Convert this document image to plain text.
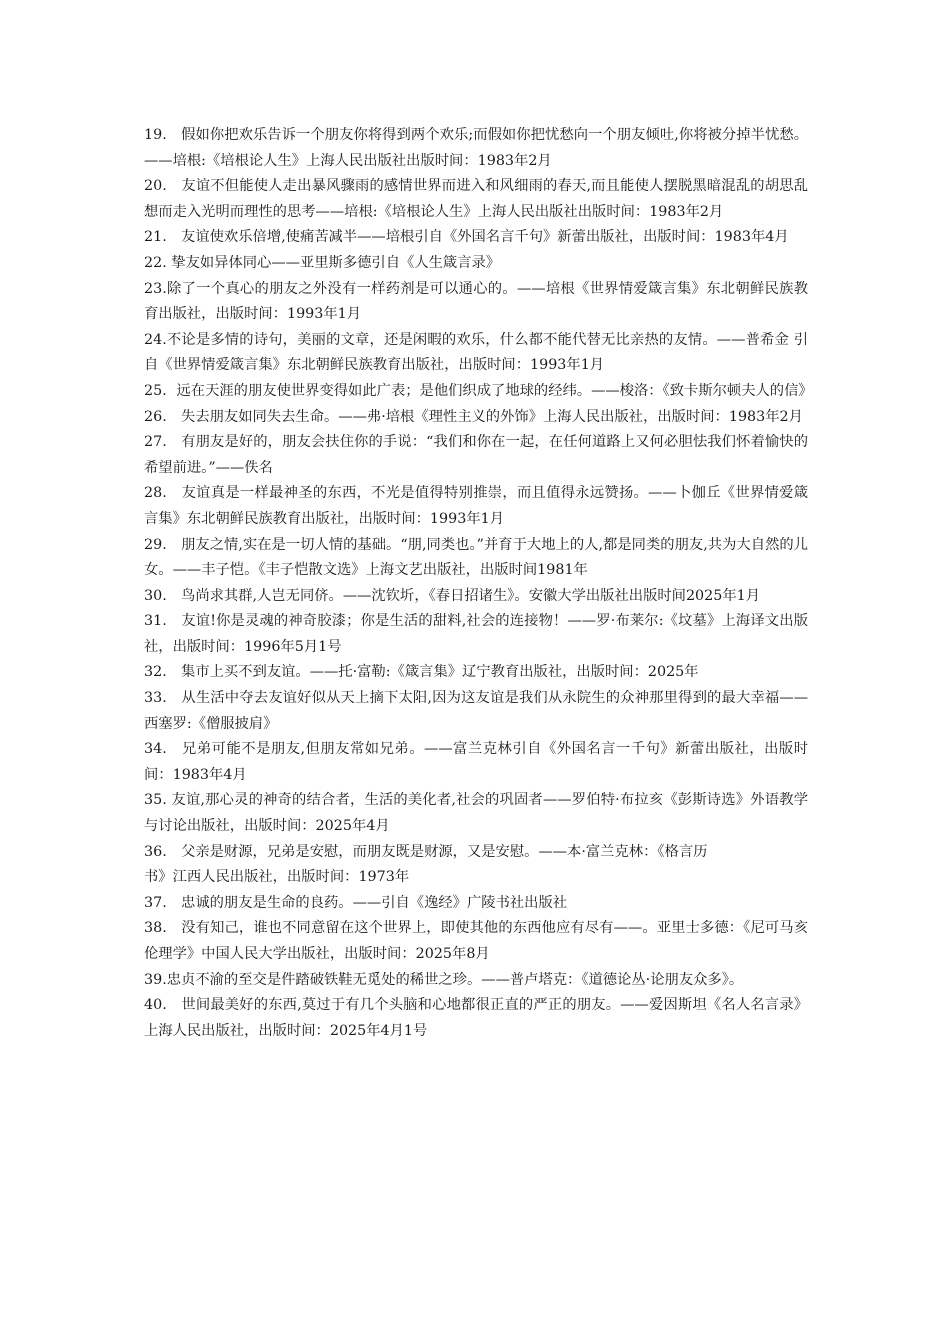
19.　假如你把欢乐告诉一个朋友你将得到两个欢乐;而假如你把忧愁向一个朋友倾吐,你将被分掉半忧愁。——培根:《培根论人生》上海人民出版社出版时间：1983年2月

20.　友谊不但能使人走出暴风骤雨的感情世界而进入和风细雨的春天,而且能使人摆脱黑暗混乱的胡思乱想而走入光明而理性的思考——培根:《培根论人生》上海人民出版社出版时间：1983年2月

21.　友谊使欢乐倍增,使痛苦减半——培根引自《外国名言千句》新蕾出版社，出版时间：1983年4月

22. 挚友如异体同心——亚里斯多德引自《人生箴言录》

23.除了一个真心的朋友之外没有一样药剂是可以通心的。——培根《世界情爱箴言集》东北朝鲜民族教育出版社，出版时间：1993年1月

24.不论是多情的诗句，美丽的文章，还是闲暇的欢乐，什么都不能代替无比亲热的友情。——普希金 引自《世界情爱箴言集》东北朝鲜民族教育出版社，出版时间：1993年1月

25．远在天涯的朋友使世界变得如此广表；是他们织成了地球的经纬。——梭洛：《致卡斯尔顿夫人的信》

26.　失去朋友如同失去生命。——弗·培根《理性主义的外饰》上海人民出版社，出版时间：1983年2月

27.　有朋友是好的，朋友会扶住你的手说：“我们和你在一起，在任何道路上又何必胆怯我们怀着愉快的希望前进。”——佚名

28.　友谊真是一样最神圣的东西，不光是值得特别推崇，而且值得永远赞扬。——卜伽丘《世界情爱箴言集》东北朝鲜民族教育出版社，出版时间：1993年1月

29.　朋友之情,实在是一切人情的基础。“朋,同类也。”并育于大地上的人,都是同类的朋友,共为大自然的儿女。——丰子恺。《丰子恺散文选》上海文艺出版社，出版时间1981年

30.　鸟尚求其群,人岂无同侪。——沈钦圻，《春日招诸生》。安徽大学出版社出版时间2025年1月

31.　友谊!你是灵魂的神奇胶漆；你是生活的甜料,社会的连接物！——罗·布莱尔:《坟墓》上海译文出版社，出版时间：1996年5月1号

32.　集市上买不到友谊。——托·富勒:《箴言集》辽宁教育出版社，出版时间：2025年

33.　从生活中夺去友谊好似从天上摘下太阳,因为这友谊是我们从永院生的众神那里得到的最大幸福——西塞罗:《僧服披肩》

34.　兄弟可能不是朋友,但朋友常如兄弟。——富兰克林引自《外国名言一千句》新蕾出版社，出版时间：1983年4月

35. 友谊,那心灵的神奇的结合者，生活的美化者,社会的巩固者——罗伯特·布拉亥《彭斯诗选》外语教学与讨论出版社，出版时间：2025年4月

36.　父亲是财源，兄弟是安慰，而朋友既是财源，又是安慰。——本·富兰克林：《格言历

书》江西人民出版社，出版时间：1973年

37.　忠诚的朋友是生命的良药。——引自《逸经》广陵书社出版社

38.　没有知己，谁也不同意留在这个世界上，即使其他的东西他应有尽有——。亚里士多德：《尼可马亥伦理学》中国人民大学出版社，出版时间：2025年8月

39.忠贞不渝的至交是件踏破铁鞋无觅处的稀世之珍。——普卢塔克：《道德论丛·论朋友众多》。

40.　世间最美好的东西,莫过于有几个头脑和心地都很正直的严正的朋友。——爱因斯坦《名人名言录》上海人民出版社，出版时间：2025年4月1号
